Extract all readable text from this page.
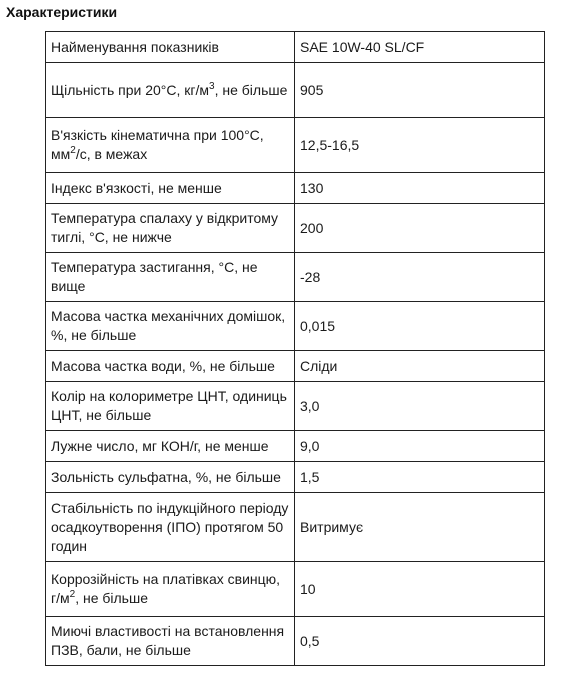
Характеристики
Найменування показників	SAE 10W-40 SL/CF
Щільність при 20°С, $кг/м^3$, не більше	905
В'язкість кінематична при 100°С, $мм^2/с$, в межах	12,5-16,5
Індекс в'язкості, не менше	130
Температура спалаху у відкритому тиглі, °С, не нижче	200
Температура застигання, °С, не вище	-28
Масова частка механічних домішок, %, не більше	0,015
Масова частка води, %, не більше	Сліди
Колір на колориметре ЦНТ, одиниць ЦНТ, не більше	3,0
Лужне число, мг КОН/г, не менше	9,0
Зольність сульфатна, %, не більше	1,5
Стабільність по індукційного періоду осадкоутворення (ІПО) протягом 50 годин	Витримує
Коррозійність на платівках свинцю, $г/м^2$, не більше	10
Миючі властивості на встановлення ПЗВ, бали, не більше	0,5
